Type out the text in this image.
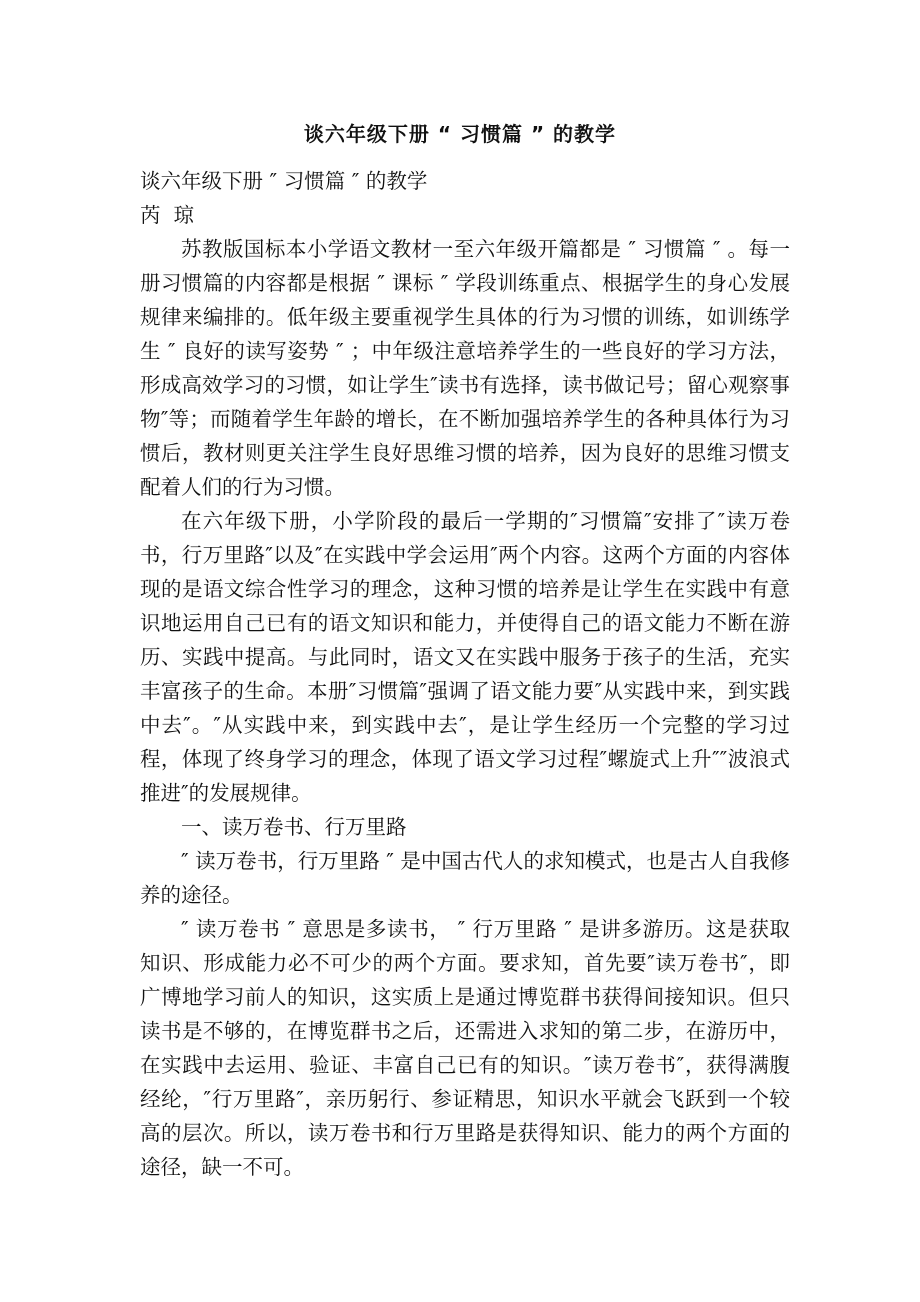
谈六年级下册 “ 习惯篇 ” 的教学

谈六年级下册 ″ 习惯篇 ″ 的教学

芮  琼

苏教版国标本小学语文教材一至六年级开篇都是 ″ 习惯篇 ″ 。每一册习惯篇的内容都是根据 ″ 课标 ″ 学段训练重点、根据学生的身心发展规律来编排的。低年级主要重视学生具体的行为习惯的训练，如训练学生 ″ 良好的读写姿势 ″ ；中年级注意培养学生的一些良好的学习方法，形成高效学习的习惯，如让学生″读书有选择，读书做记号；留心观察事物″等；而随着学生年龄的增长，在不断加强培养学生的各种具体行为习惯后，教材则更关注学生良好思维习惯的培养，因为良好的思维习惯支配着人们的行为习惯。

在六年级下册，小学阶段的最后一学期的″习惯篇″安排了″读万卷书，行万里路″以及″在实践中学会运用″两个内容。这两个方面的内容体现的是语文综合性学习的理念，这种习惯的培养是让学生在实践中有意识地运用自己已有的语文知识和能力，并使得自己的语文能力不断在游历、实践中提高。与此同时，语文又在实践中服务于孩子的生活，充实丰富孩子的生命。本册″习惯篇″强调了语文能力要″从实践中来，到实践中去″。″从实践中来，到实践中去″，是让学生经历一个完整的学习过程，体现了终身学习的理念，体现了语文学习过程″螺旋式上升″″波浪式推进″的发展规律。

一、读万卷书、行万里路

″ 读万卷书，行万里路 ″ 是中国古代人的求知模式，也是古人自我修养的途径。

″ 读万卷书 ″ 意思是多读书， ″ 行万里路 ″ 是讲多游历。这是获取知识、形成能力必不可少的两个方面。要求知，首先要″读万卷书″，即广博地学习前人的知识，这实质上是通过博览群书获得间接知识。但只读书是不够的，在博览群书之后，还需进入求知的第二步，在游历中，在实践中去运用、验证、丰富自己已有的知识。″读万卷书″，获得满腹经纶，″行万里路″，亲历躬行、参证精思，知识水平就会飞跃到一个较高的层次。所以，读万卷书和行万里路是获得知识、能力的两个方面的途径，缺一不可。
